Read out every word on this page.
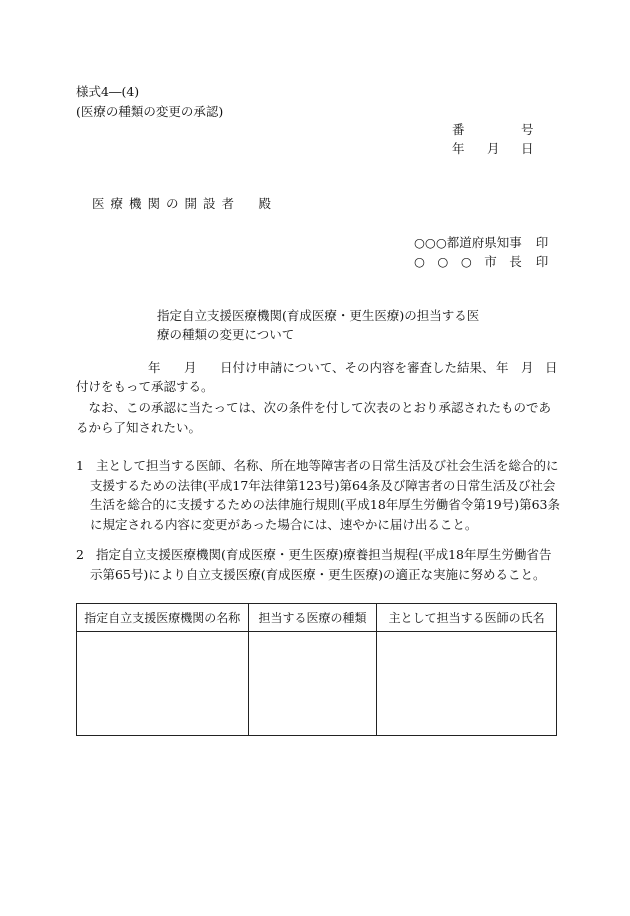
様式4―(4)
(医療の種類の変更の承認)
番	号
年 月 日
医療機関の開設者　殿
○○○都道府県知事 印
○　○　○　市　長 印
指定自立支援医療機関(育成医療・更生医療)の担当する医
療の種類の変更について
年 月 日付け申請について、その内容を審査した結果、 年 月 日
付けをもって承認する。

　なお、この承認に当たっては、次の条件を付して次表のとおり承認されたものであるから了知されたい。

1 主として担当する医師、名称、所在地等障害者の日常生活及び社会生活を総合的に支援するための法律(平成17年法律第123号)第64条及び障害者の日常生活及び社会生活を総合的に支援するための法律施行規則(平成18年厚生労働省令第19号)第63条に規定される内容に変更があった場合には、速やかに届け出ること。
2 指定自立支援医療機関(育成医療・更生医療)療養担当規程(平成18年厚生労働省告示第65号)により自立支援医療(育成医療・更生医療)の適正な実施に努めること。
指定自立支援医療機関の名称	担当する医療の種類	主として担当する医師の氏名
